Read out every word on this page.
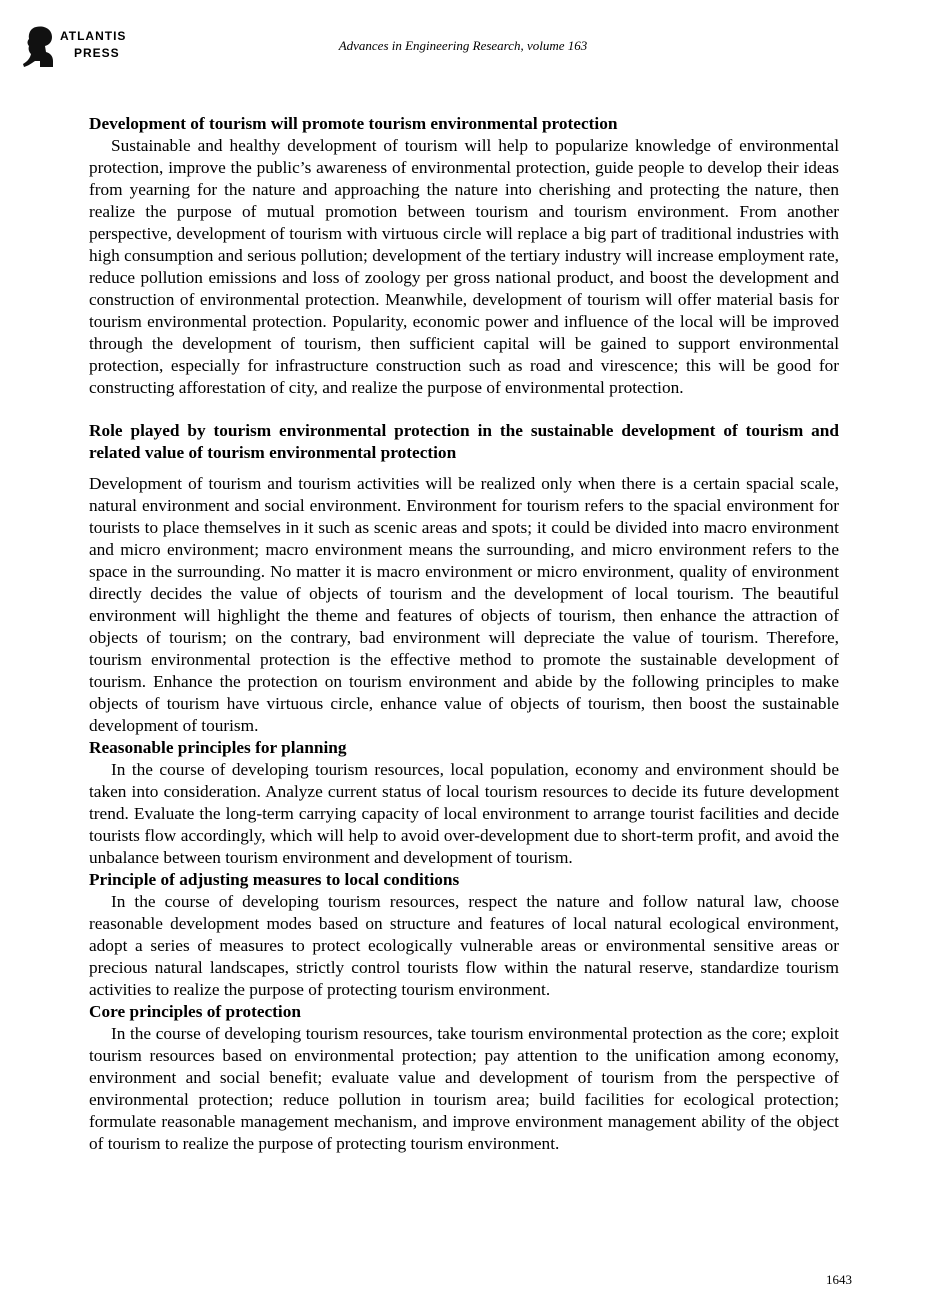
ATLANTIS
PRESS	Advances in Engineering Research, volume 163
Development of tourism will promote tourism environmental protection

Sustainable and healthy development of tourism will help to popularize knowledge of environmental protection, improve the public’s awareness of environmental protection, guide people to develop their ideas from yearning for the nature and approaching the nature into cherishing and protecting the nature, then realize the purpose of mutual promotion between tourism and tourism environment. From another perspective, development of tourism with virtuous circle will replace a big part of traditional industries with high consumption and serious pollution; development of the tertiary industry will increase employment rate, reduce pollution emissions and loss of zoology per gross national product, and boost the development and construction of environmental protection. Meanwhile, development of tourism will offer material basis for tourism environmental protection. Popularity, economic power and influence of the local will be improved through the development of tourism, then sufficient capital will be gained to support environmental protection, especially for infrastructure construction such as road and virescence; this will be good for constructing afforestation of city, and realize the purpose of environmental protection.

Role played by tourism environmental protection in the sustainable development of tourism and related value of tourism environmental protection

Development of tourism and tourism activities will be realized only when there is a certain spacial scale, natural environment and social environment. Environment for tourism refers to the spacial environment for tourists to place themselves in it such as scenic areas and spots; it could be divided into macro environment and micro environment; macro environment means the surrounding, and micro environment refers to the space in the surrounding. No matter it is macro environment or micro environment, quality of environment directly decides the value of objects of tourism and the development of local tourism. The beautiful environment will highlight the theme and features of objects of tourism, then enhance the attraction of objects of tourism; on the contrary, bad environment will depreciate the value of tourism. Therefore, tourism environmental protection is the effective method to promote the sustainable development of tourism. Enhance the protection on tourism environment and abide by the following principles to make objects of tourism have virtuous circle, enhance value of objects of tourism, then boost the sustainable development of tourism.

Reasonable principles for planning

In the course of developing tourism resources, local population, economy and environment should be taken into consideration. Analyze current status of local tourism resources to decide its future development trend. Evaluate the long-term carrying capacity of local environment to arrange tourist facilities and decide tourists flow accordingly, which will help to avoid over-development due to short-term profit, and avoid the unbalance between tourism environment and development of tourism.

Principle of adjusting measures to local conditions

In the course of developing tourism resources, respect the nature and follow natural law, choose reasonable development modes based on structure and features of local natural ecological environment, adopt a series of measures to protect ecologically vulnerable areas or environmental sensitive areas or precious natural landscapes, strictly control tourists flow within the natural reserve, standardize tourism activities to realize the purpose of protecting tourism environment.

Core principles of protection

In the course of developing tourism resources, take tourism environmental protection as the core; exploit tourism resources based on environmental protection; pay attention to the unification among economy, environment and social benefit; evaluate value and development of tourism from the perspective of environmental protection; reduce pollution in tourism area; build facilities for ecological protection; formulate reasonable management mechanism, and improve environment management ability of the object of tourism to realize the purpose of protecting tourism environment.

1643
